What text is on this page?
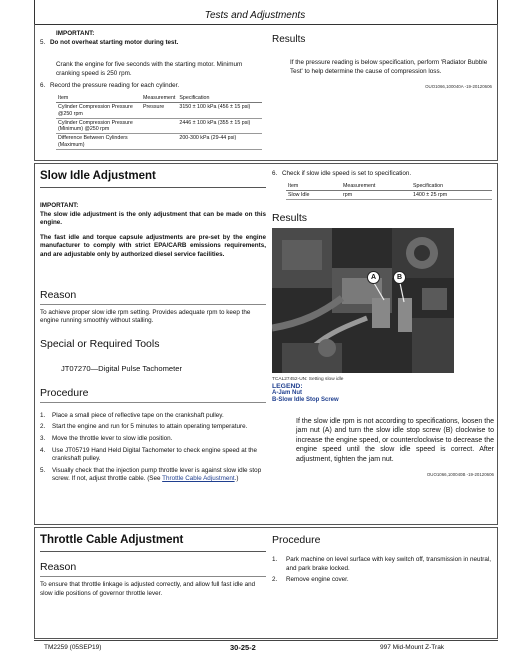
Tests and Adjustments
IMPORTANT:
5. Do not overheat starting motor during test.
Crank the engine for five seconds with the starting motor. Minimum cranking speed is 250 rpm.
6. Record the pressure reading for each cylinder.
Item	Measurement	Specification
Cylinder Compression Pressure @250 rpm	Pressure	3150 ± 100 kPa (456 ± 15 psi)
Cylinder Compression Pressure (Minimum) @250 rpm		2446 ± 100 kPa (355 ± 15 psi)
Difference Between Cylinders (Maximum)		200-300 kPa (29-44 psi)
Results
If the pressure reading is below specification, perform 'Radiator Bubble Test' to help determine the cause of compression loss.
OUO1066,100040A -19-20120606
Slow Idle Adjustment
IMPORTANT:
The slow idle adjustment is the only adjustment that can be made on this engine.
The fast idle and torque capsule adjustments are pre-set by the engine manufacturer to comply with strict EPA/CARB emissions requirements, and are adjustable only by authorized diesel service facilities.
Reason
To achieve proper slow idle rpm setting. Provides adequate rpm to keep the engine running smoothly without stalling.
Special or Required Tools
JT07270—Digital Pulse Tachometer
Procedure
1.	Place a small piece of reflective tape on the crankshaft pulley.
2.	Start the engine and run for 5 minutes to attain operating temperature.
3.	Move the throttle lever to slow idle position.
4.	Use JT05719 Hand Held Digital Tachometer to check engine speed at the crankshaft pulley.
5.	Visually check that the injection pump throttle lever is against slow idle stop screw. If not, adjust throttle cable. (See Throttle Cable Adjustment.)
6. Check if slow idle speed is set to specification.
Item	Measurement	Specification
Slow Idle	rpm	1400 ± 25 rpm
Results
A	B
TCAL27452-UN: Setting slow idle
LEGEND:
A-Jam Nut
B-Slow Idle Stop Screw
If the slow idle rpm is not according to specifications, loosen the jam nut (A) and turn the slow idle stop screw (B) clockwise to increase the engine speed, or counterclockwise to decrease the engine speed until the slow idle speed is correct. After adjustment, tighten the jam nut.
OUO1066,100040B -19-20120606
Throttle Cable Adjustment
Reason
To ensure that throttle linkage is adjusted correctly, and allow full fast idle and slow idle positions of governor throttle lever.
Procedure
1.	Park machine on level surface with key switch off, transmission in neutral, and park brake locked.
2.	Remove engine cover.
TM2259 (05SEP19)	30-25-2	997 Mid-Mount Z-Trak
